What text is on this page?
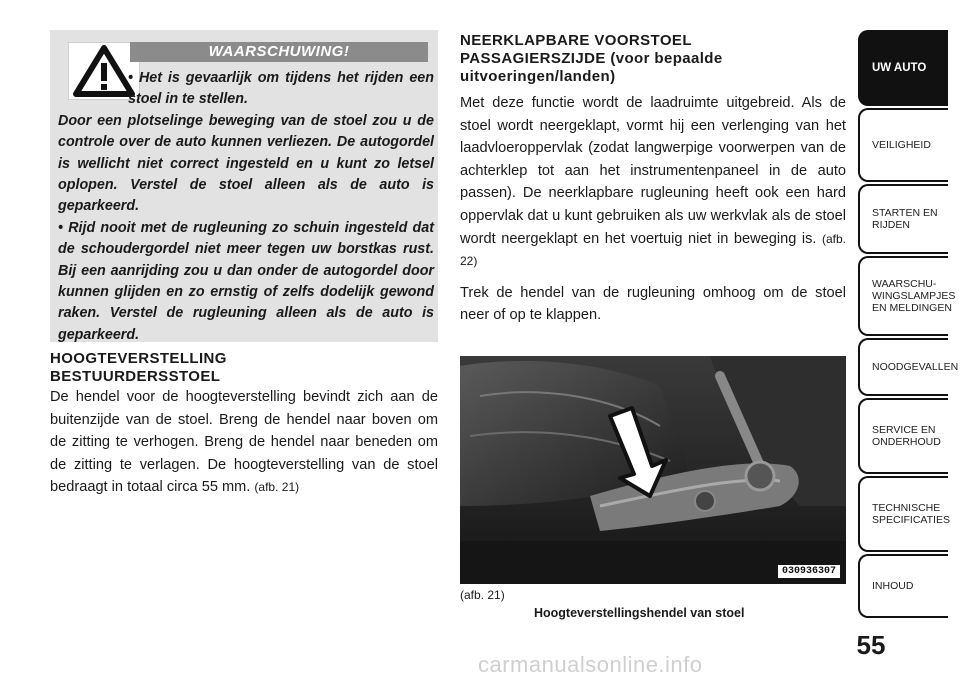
WAARSCHUWING!

• Het is gevaarlijk om tijdens het rijden een stoel in te stellen.

Door een plotselinge beweging van de stoel zou u de controle over de auto kunnen verliezen. De autogordel is wellicht niet correct ingesteld en u kunt zo letsel oplopen. Verstel de stoel alleen als de auto is geparkeerd.

• Rijd nooit met de rugleuning zo schuin ingesteld dat de schoudergordel niet meer tegen uw borstkas rust. Bij een aanrijding zou u dan onder de autogordel door kunnen glijden en zo ernstig of zelfs dodelijk gewond raken. Verstel de rugleuning alleen als de auto is geparkeerd.

HOOGTEVERSTELLING
BESTUURDERSSTOEL

De hendel voor de hoogteverstelling bevindt zich aan de buitenzijde van de stoel. Breng de hendel naar boven om de zitting te verhogen. Breng de hendel naar beneden om de zitting te verlagen. De hoogteverstelling van de stoel bedraagt in totaal circa 55 mm. (afb. 21)

NEERKLAPBARE VOORSTOEL
PASSAGIERSZIJDE (voor bepaalde
uitvoeringen/landen)

Met deze functie wordt de laadruimte uitgebreid. Als de stoel wordt neergeklapt, vormt hij een verlenging van het laadvloeroppervlak (zodat langwerpige voorwerpen van de achterklep tot aan het instrumentenpaneel in de auto passen). De neerklapbare rugleuning heeft ook een hard oppervlak dat u kunt gebruiken als uw werkvlak als de stoel wordt neergeklapt en het voertuig niet in beweging is. (afb. 22)

Trek de hendel van de rugleuning omhoog om de stoel neer of op te klappen.

030936307
(afb. 21)
Hoogteverstellingshendel van stoel
UW AUTO
VEILIGHEID
STARTEN EN
RIJDEN
WAARSCHU-
WINGSLAMPJES
EN MELDINGEN
NOODGEVALLEN
SERVICE EN
ONDERHOUD
TECHNISCHE
SPECIFICATIES
INHOUD
55
carmanualsonline.info
